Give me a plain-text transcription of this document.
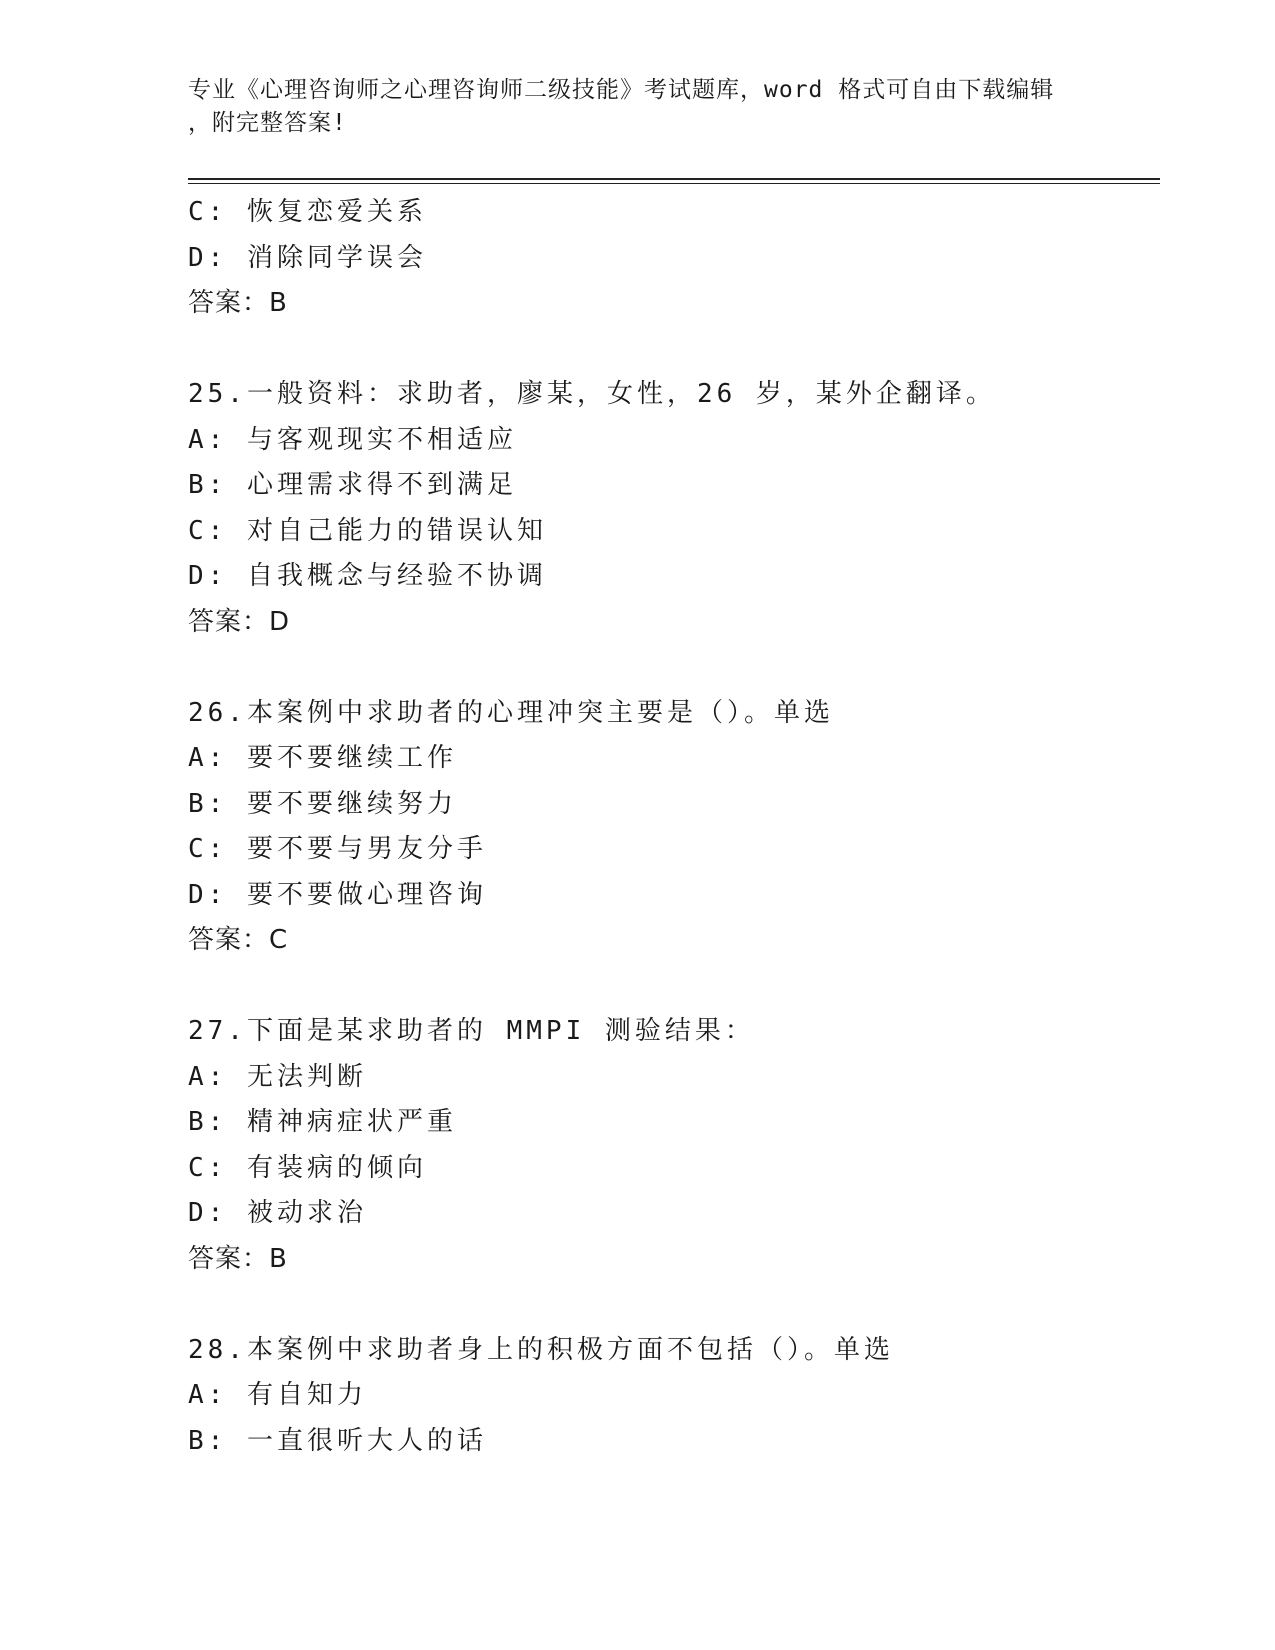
专业《心理咨询师之心理咨询师二级技能》考试题库，word 格式可自由下载编辑
，附完整答案!
C: 恢复恋爱关系
D: 消除同学误会
答案：B
25.一般资料：求助者，廖某，女性，26 岁，某外企翻译。
A: 与客观现实不相适应
B: 心理需求得不到满足
C: 对自己能力的错误认知
D: 自我概念与经验不协调
答案：D
26.本案例中求助者的心理冲突主要是（）。单选
A: 要不要继续工作
B: 要不要继续努力
C: 要不要与男友分手
D: 要不要做心理咨询
答案：C
27.下面是某求助者的 MMPI 测验结果：
A: 无法判断
B: 精神病症状严重
C: 有装病的倾向
D: 被动求治
答案：B
28.本案例中求助者身上的积极方面不包括（）。单选
A: 有自知力
B: 一直很听大人的话
